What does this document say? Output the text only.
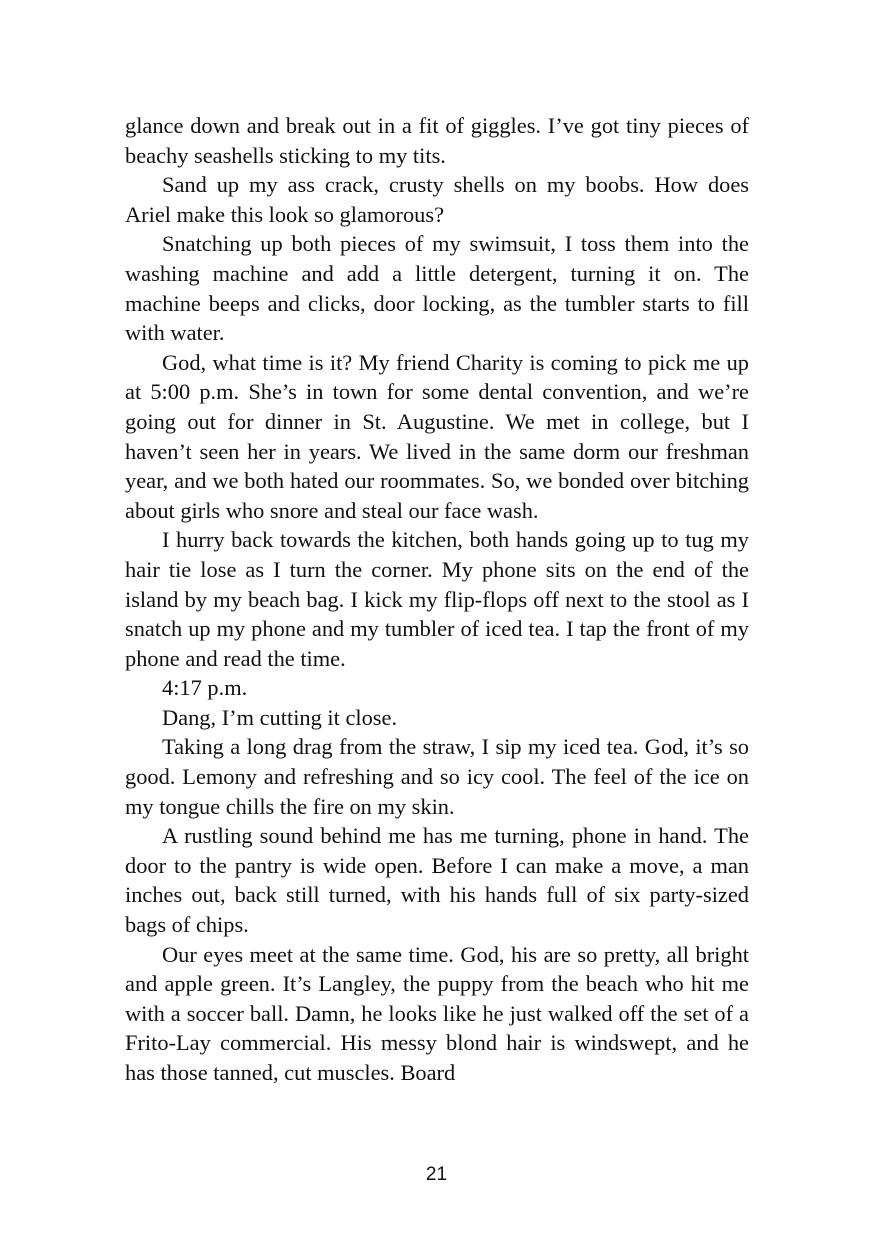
glance down and break out in a fit of giggles. I’ve got tiny pieces of beachy seashells sticking to my tits.

Sand up my ass crack, crusty shells on my boobs. How does Ariel make this look so glamorous?

Snatching up both pieces of my swimsuit, I toss them into the washing machine and add a little detergent, turning it on. The machine beeps and clicks, door locking, as the tumbler starts to fill with water.

God, what time is it? My friend Charity is coming to pick me up at 5:00 p.m. She’s in town for some dental convention, and we’re going out for dinner in St. Augustine. We met in college, but I haven’t seen her in years. We lived in the same dorm our freshman year, and we both hated our roommates. So, we bonded over bitching about girls who snore and steal our face wash.

I hurry back towards the kitchen, both hands going up to tug my hair tie lose as I turn the corner. My phone sits on the end of the island by my beach bag. I kick my flip-flops off next to the stool as I snatch up my phone and my tumbler of iced tea. I tap the front of my phone and read the time.

4:17 p.m.

Dang, I’m cutting it close.

Taking a long drag from the straw, I sip my iced tea. God, it’s so good. Lemony and refreshing and so icy cool. The feel of the ice on my tongue chills the fire on my skin.

A rustling sound behind me has me turning, phone in hand. The door to the pantry is wide open. Before I can make a move, a man inches out, back still turned, with his hands full of six party-sized bags of chips.

Our eyes meet at the same time. God, his are so pretty, all bright and apple green. It’s Langley, the puppy from the beach who hit me with a soccer ball. Damn, he looks like he just walked off the set of a Frito-Lay commercial. His messy blond hair is windswept, and he has those tanned, cut muscles. Board

21
